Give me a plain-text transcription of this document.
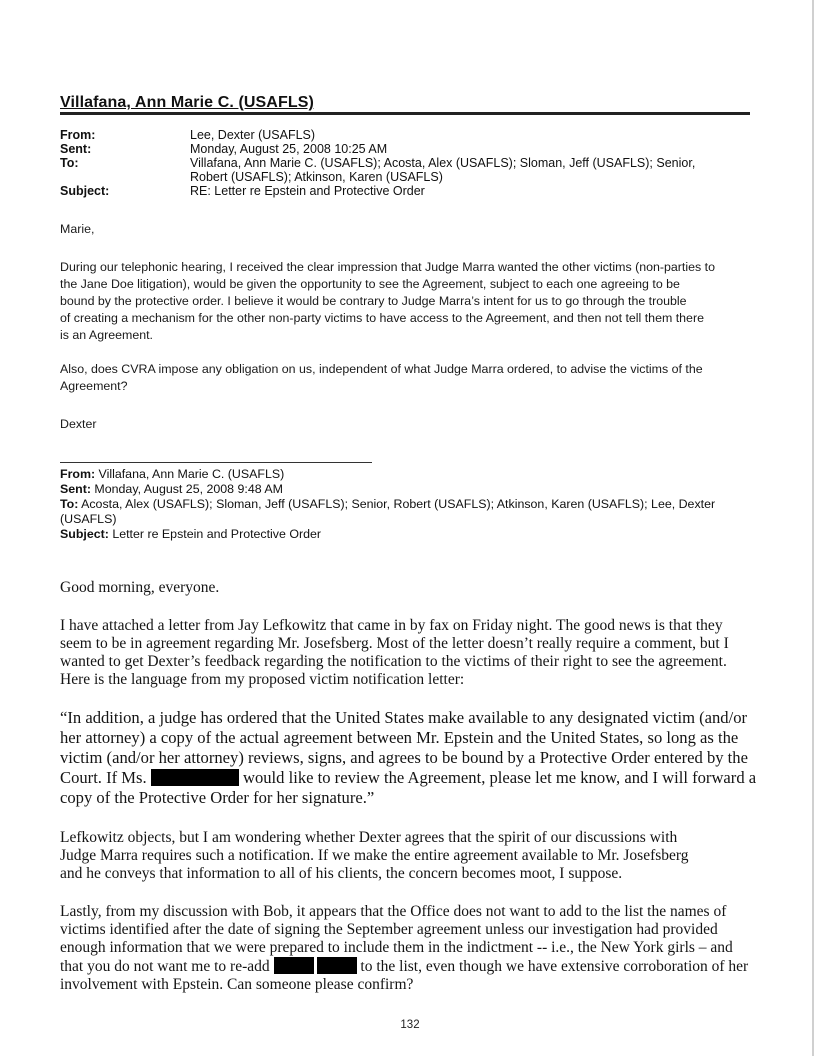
Villafana, Ann Marie C. (USAFLS)
From:	Lee, Dexter (USAFLS)
Sent:	Monday, August 25, 2008 10:25 AM
To:	Villafana, Ann Marie C. (USAFLS); Acosta, Alex (USAFLS); Sloman, Jeff (USAFLS); Senior,
Robert (USAFLS); Atkinson, Karen (USAFLS)
Subject:	RE: Letter re Epstein and Protective Order
Marie,
During our telephonic hearing, I received the clear impression that Judge Marra wanted the other victims (non-parties to
the Jane Doe litigation), would be given the opportunity to see the Agreement, subject to each one agreeing to be
bound by the protective order. I believe it would be contrary to Judge Marra’s intent for us to go through the trouble
of creating a mechanism for the other non-party victims to have access to the Agreement, and then not tell them there
is an Agreement.
Also, does CVRA impose any obligation on us, independent of what Judge Marra ordered, to advise the victims of the
Agreement?
Dexter
From: Villafana, Ann Marie C. (USAFLS)
Sent: Monday, August 25, 2008 9:48 AM
To: Acosta, Alex (USAFLS); Sloman, Jeff (USAFLS); Senior, Robert (USAFLS); Atkinson, Karen (USAFLS); Lee, Dexter
(USAFLS)
Subject: Letter re Epstein and Protective Order
Good morning, everyone.
I have attached a letter from Jay Lefkowitz that came in by fax on Friday night. The good news is that they
seem to be in agreement regarding Mr. Josefsberg. Most of the letter doesn’t really require a comment, but I
wanted to get Dexter’s feedback regarding the notification to the victims of their right to see the agreement.
Here is the language from my proposed victim notification letter:
“In addition, a judge has ordered that the United States make available to any designated victim (and/or
her attorney) a copy of the actual agreement between Mr. Epstein and the United States, so long as the
victim (and/or her attorney) reviews, signs, and agrees to be bound by a Protective Order entered by the
Court. If Ms.	would like to review the Agreement, please let me know, and I will forward a
copy of the Protective Order for her signature.”
Lefkowitz objects, but I am wondering whether Dexter agrees that the spirit of our discussions with
Judge Marra requires such a notification. If we make the entire agreement available to Mr. Josefsberg
and he conveys that information to all of his clients, the concern becomes moot, I suppose.
Lastly, from my discussion with Bob, it appears that the Office does not want to add to the list the names of
victims identified after the date of signing the September agreement unless our investigation had provided
enough information that we were prepared to include them in the indictment -- i.e., the New York girls – and
that you do not want me to re-add	to the list, even though we have extensive corroboration of her
involvement with Epstein. Can someone please confirm?
132
